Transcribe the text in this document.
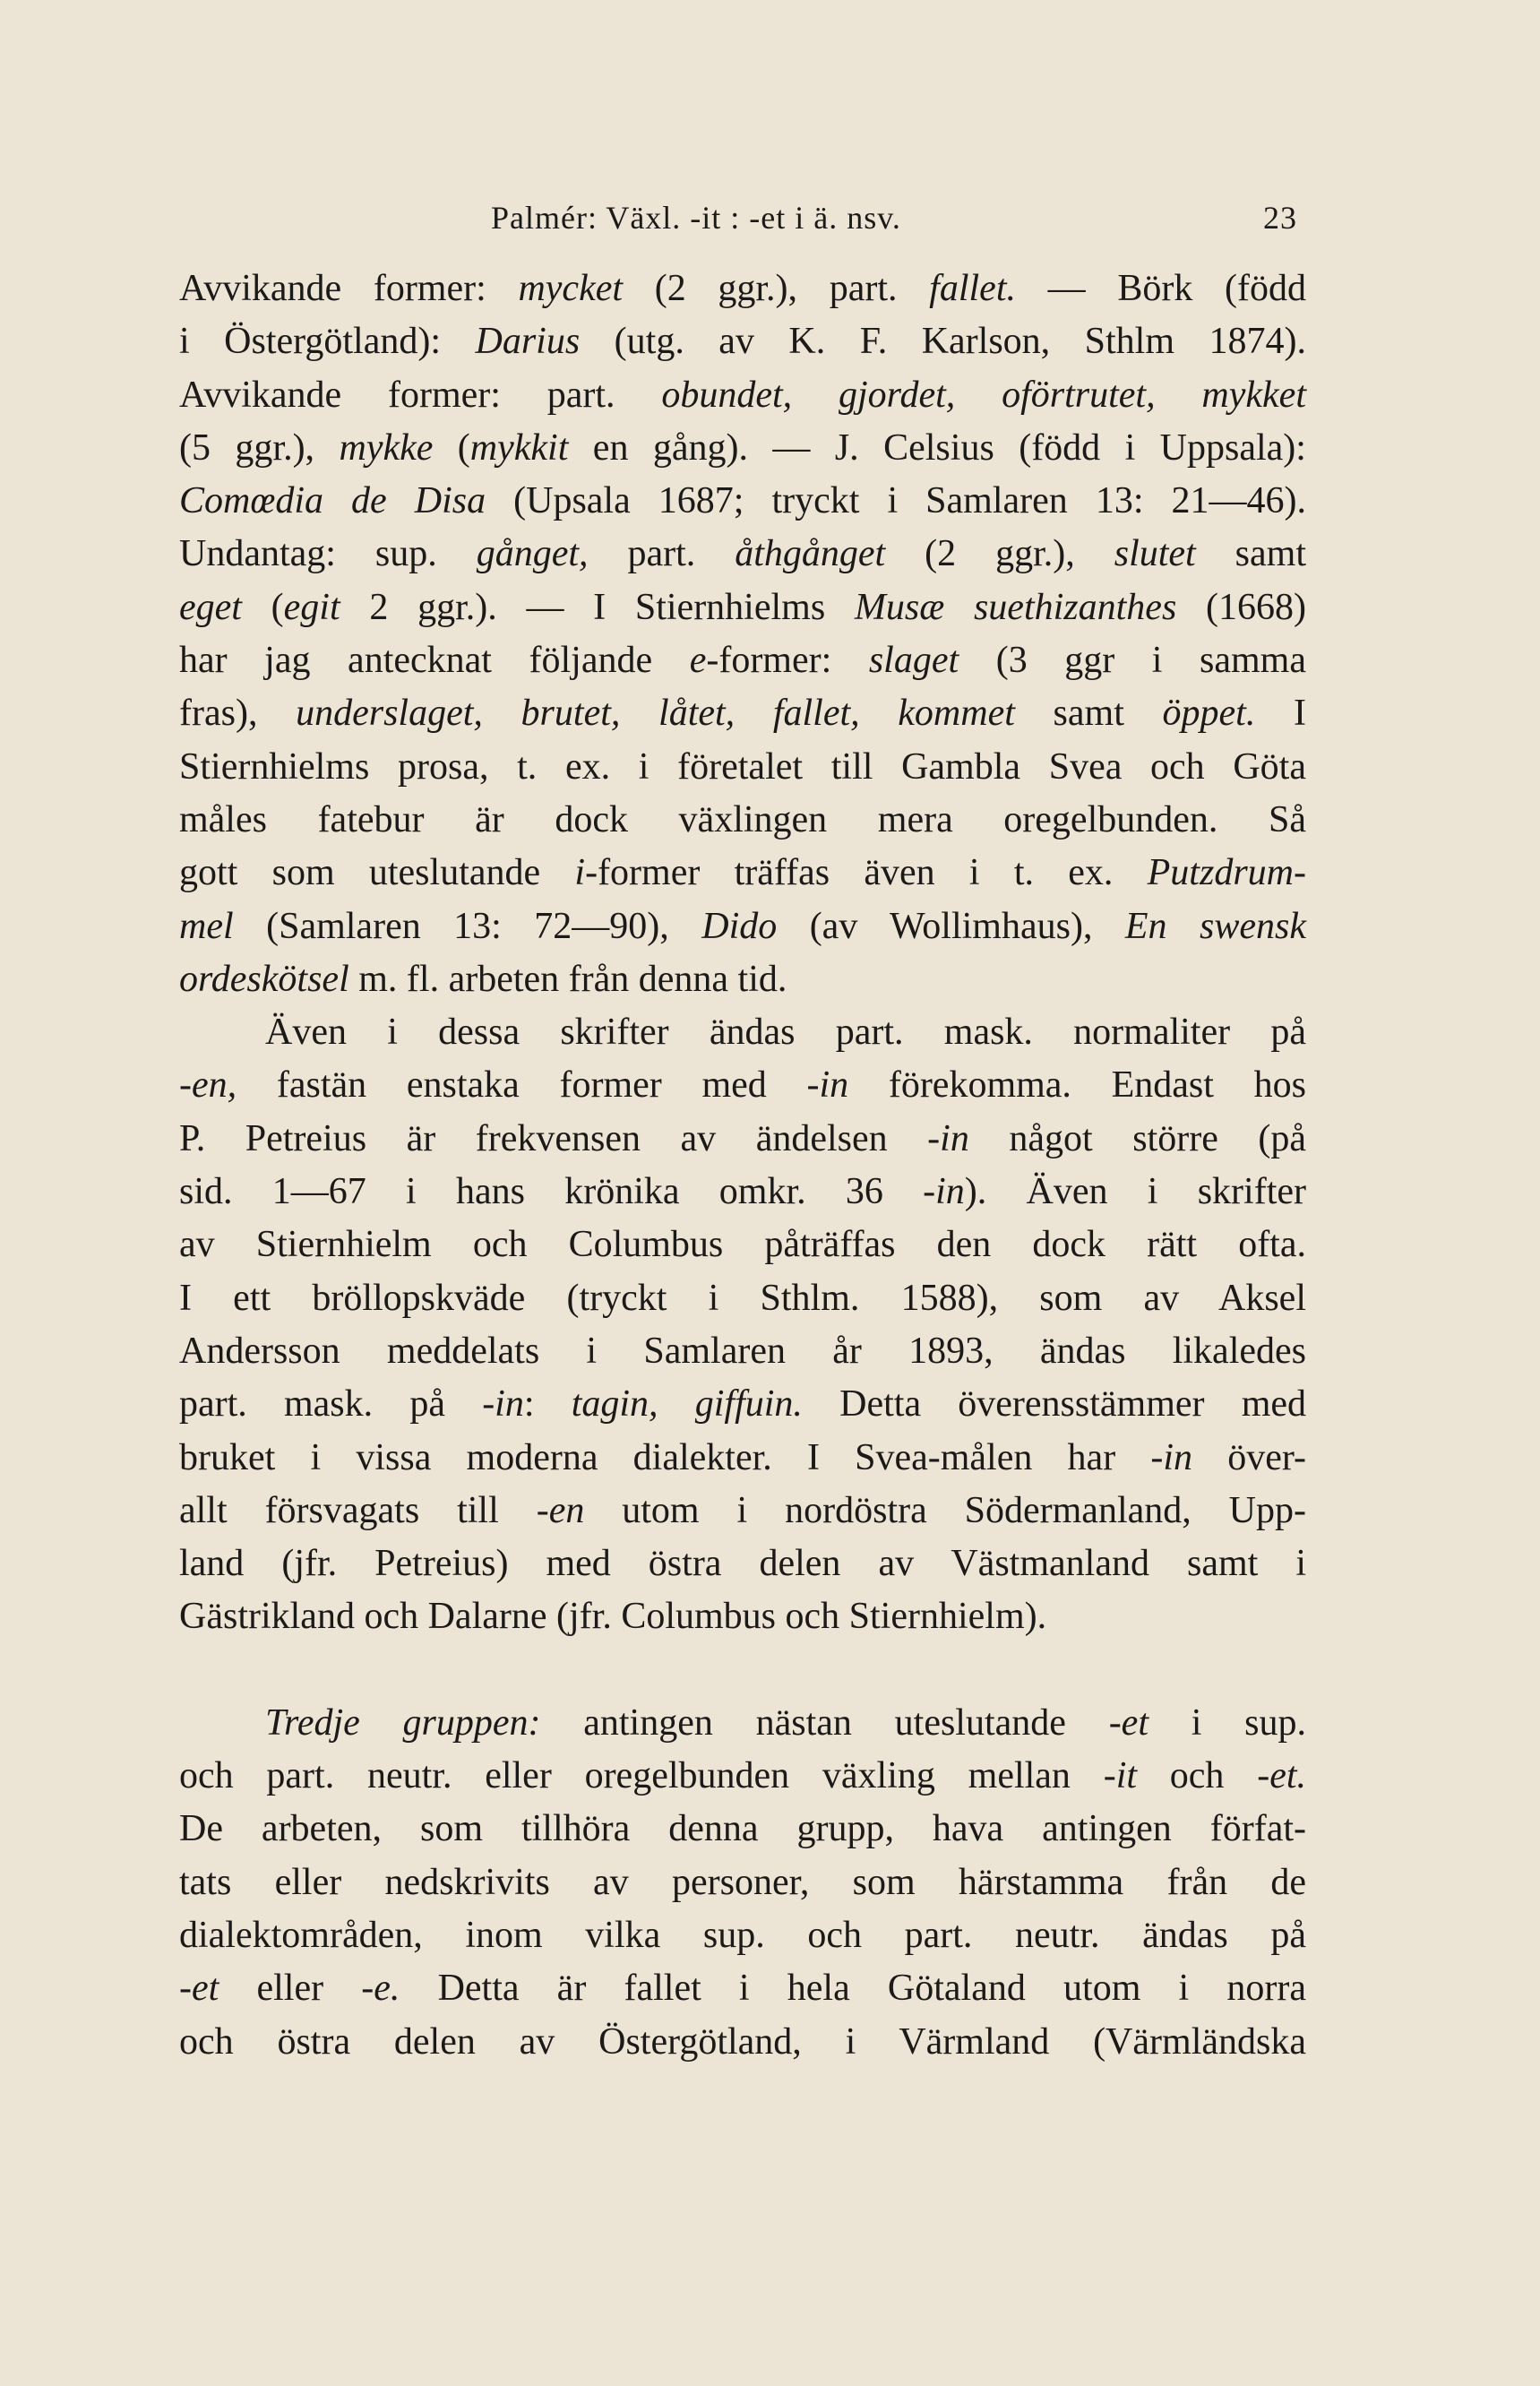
Palmér: Växl. -it : -et i ä. nsv.	23
Avvikande former: mycket (2 ggr.), part. fallet. — Börk (född
i Östergötland): Darius (utg. av K. F. Karlson, Sthlm 1874).
Avvikande former: part. obundet, gjordet, oförtrutet, mykket
(5 ggr.), mykke (mykkit en gång). — J. Celsius (född i Uppsala):
Comœdia de Disa (Upsala 1687; tryckt i Samlaren 13: 21—46).
Undantag: sup. gånget, part. åthgånget (2 ggr.), slutet samt
eget (egit 2 ggr.). — I Stiernhielms Musæ suethizanthes (1668)
har jag antecknat följande e-former: slaget (3 ggr i samma
fras), underslaget, brutet, låtet, fallet, kommet samt öppet. I
Stiernhielms prosa, t. ex. i företalet till Gambla Svea och Göta
måles fatebur är dock växlingen mera oregelbunden. Så
gott som uteslutande i-former träffas även i t. ex. Putzdrum-
mel (Samlaren 13: 72—90), Dido (av Wollimhaus), En swensk
ordeskötsel m. fl. arbeten från denna tid.
Även i dessa skrifter ändas part. mask. normaliter på
-en, fastän enstaka former med -in förekomma. Endast hos
P. Petreius är frekvensen av ändelsen -in något större (på
sid. 1—67 i hans krönika omkr. 36 -in). Även i skrifter
av Stiernhielm och Columbus påträffas den dock rätt ofta.
I ett bröllopskväde (tryckt i Sthlm. 1588), som av Aksel
Andersson meddelats i Samlaren år 1893, ändas likaledes
part. mask. på -in: tagin, giffuin. Detta överensstämmer med
bruket i vissa moderna dialekter. I Svea-målen har -in över-
allt försvagats till -en utom i nordöstra Södermanland, Upp-
land (jfr. Petreius) med östra delen av Västmanland samt i
Gästrikland och Dalarne (jfr. Columbus och Stiernhielm).
Tredje gruppen: antingen nästan uteslutande -et i sup.
och part. neutr. eller oregelbunden växling mellan -it och -et.
De arbeten, som tillhöra denna grupp, hava antingen förfat-
tats eller nedskrivits av personer, som härstamma från de
dialektområden, inom vilka sup. och part. neutr. ändas på
-et eller -e. Detta är fallet i hela Götaland utom i norra
och östra delen av Östergötland, i Värmland (Värmländska
